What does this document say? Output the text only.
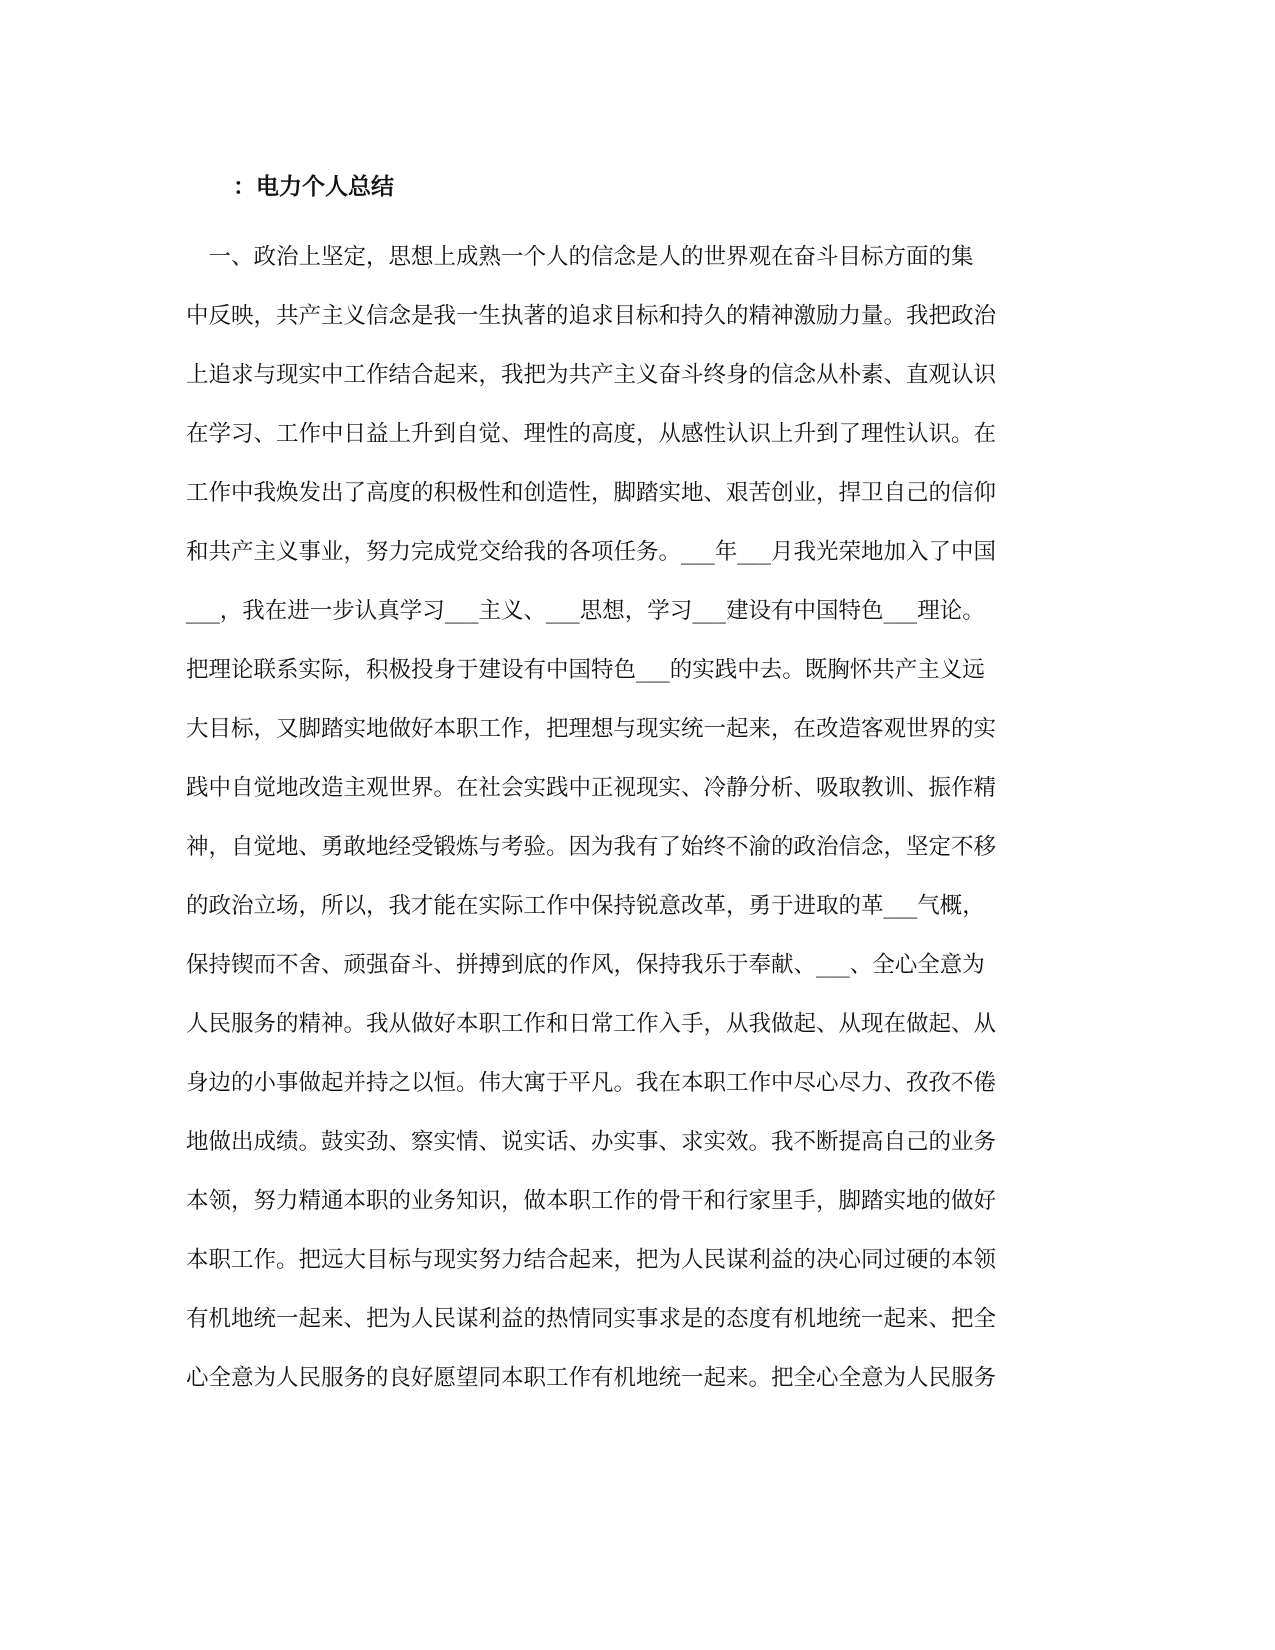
：电力个人总结
　一、政治上坚定，思想上成熟一个人的信念是人的世界观在奋斗目标方面的集
中反映，共产主义信念是我一生执著的追求目标和持久的精神激励力量。我把政治
上追求与现实中工作结合起来，我把为共产主义奋斗终身的信念从朴素、直观认识
在学习、工作中日益上升到自觉、理性的高度，从感性认识上升到了理性认识。在
工作中我焕发出了高度的积极性和创造性，脚踏实地、艰苦创业，捍卫自己的信仰
和共产主义事业，努力完成党交给我的各项任务。___年___月我光荣地加入了中国
___，我在进一步认真学习___主义、___思想，学习___建设有中国特色___理论。
把理论联系实际，积极投身于建设有中国特色___的实践中去。既胸怀共产主义远
大目标，又脚踏实地做好本职工作，把理想与现实统一起来，在改造客观世界的实
践中自觉地改造主观世界。在社会实践中正视现实、冷静分析、吸取教训、振作精
神，自觉地、勇敢地经受锻炼与考验。因为我有了始终不渝的政治信念，坚定不移
的政治立场，所以，我才能在实际工作中保持锐意改革，勇于进取的革___气概，
保持锲而不舍、顽强奋斗、拼搏到底的作风，保持我乐于奉献、___、全心全意为
人民服务的精神。我从做好本职工作和日常工作入手，从我做起、从现在做起、从
身边的小事做起并持之以恒。伟大寓于平凡。我在本职工作中尽心尽力、孜孜不倦
地做出成绩。鼓实劲、察实情、说实话、办实事、求实效。我不断提高自己的业务
本领，努力精通本职的业务知识，做本职工作的骨干和行家里手，脚踏实地的做好
本职工作。把远大目标与现实努力结合起来，把为人民谋利益的决心同过硬的本领
有机地统一起来、把为人民谋利益的热情同实事求是的态度有机地统一起来、把全
心全意为人民服务的良好愿望同本职工作有机地统一起来。把全心全意为人民服务
